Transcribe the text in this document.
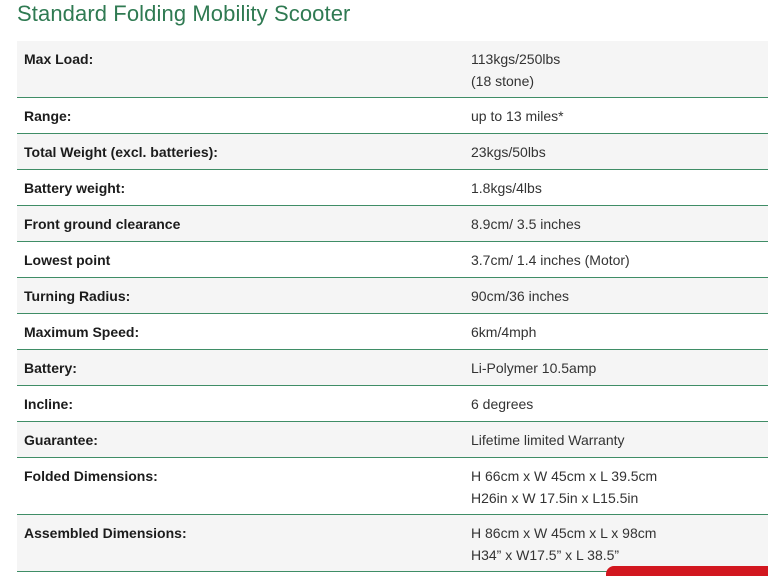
Standard Folding Mobility Scooter
Max Load:	113kgs/250lbs
(18 stone)

Range:	up to 13 miles*

Total Weight (excl. batteries):	23kgs/50lbs

Battery weight:	1.8kgs/4lbs

Front ground clearance	8.9cm/ 3.5 inches

Lowest point	3.7cm/ 1.4 inches (Motor)

Turning Radius:	90cm/36 inches

Maximum Speed:	6km/4mph

Battery:	Li-Polymer 10.5amp

Incline:	6 degrees

Guarantee:	Lifetime limited Warranty

Folded Dimensions:	H 66cm x W 45cm x L 39.5cm
H26in x W 17.5in x L15.5in

Assembled Dimensions:	H 86cm x W 45cm x L x 98cm
H34” x W17.5” x L 38.5”
